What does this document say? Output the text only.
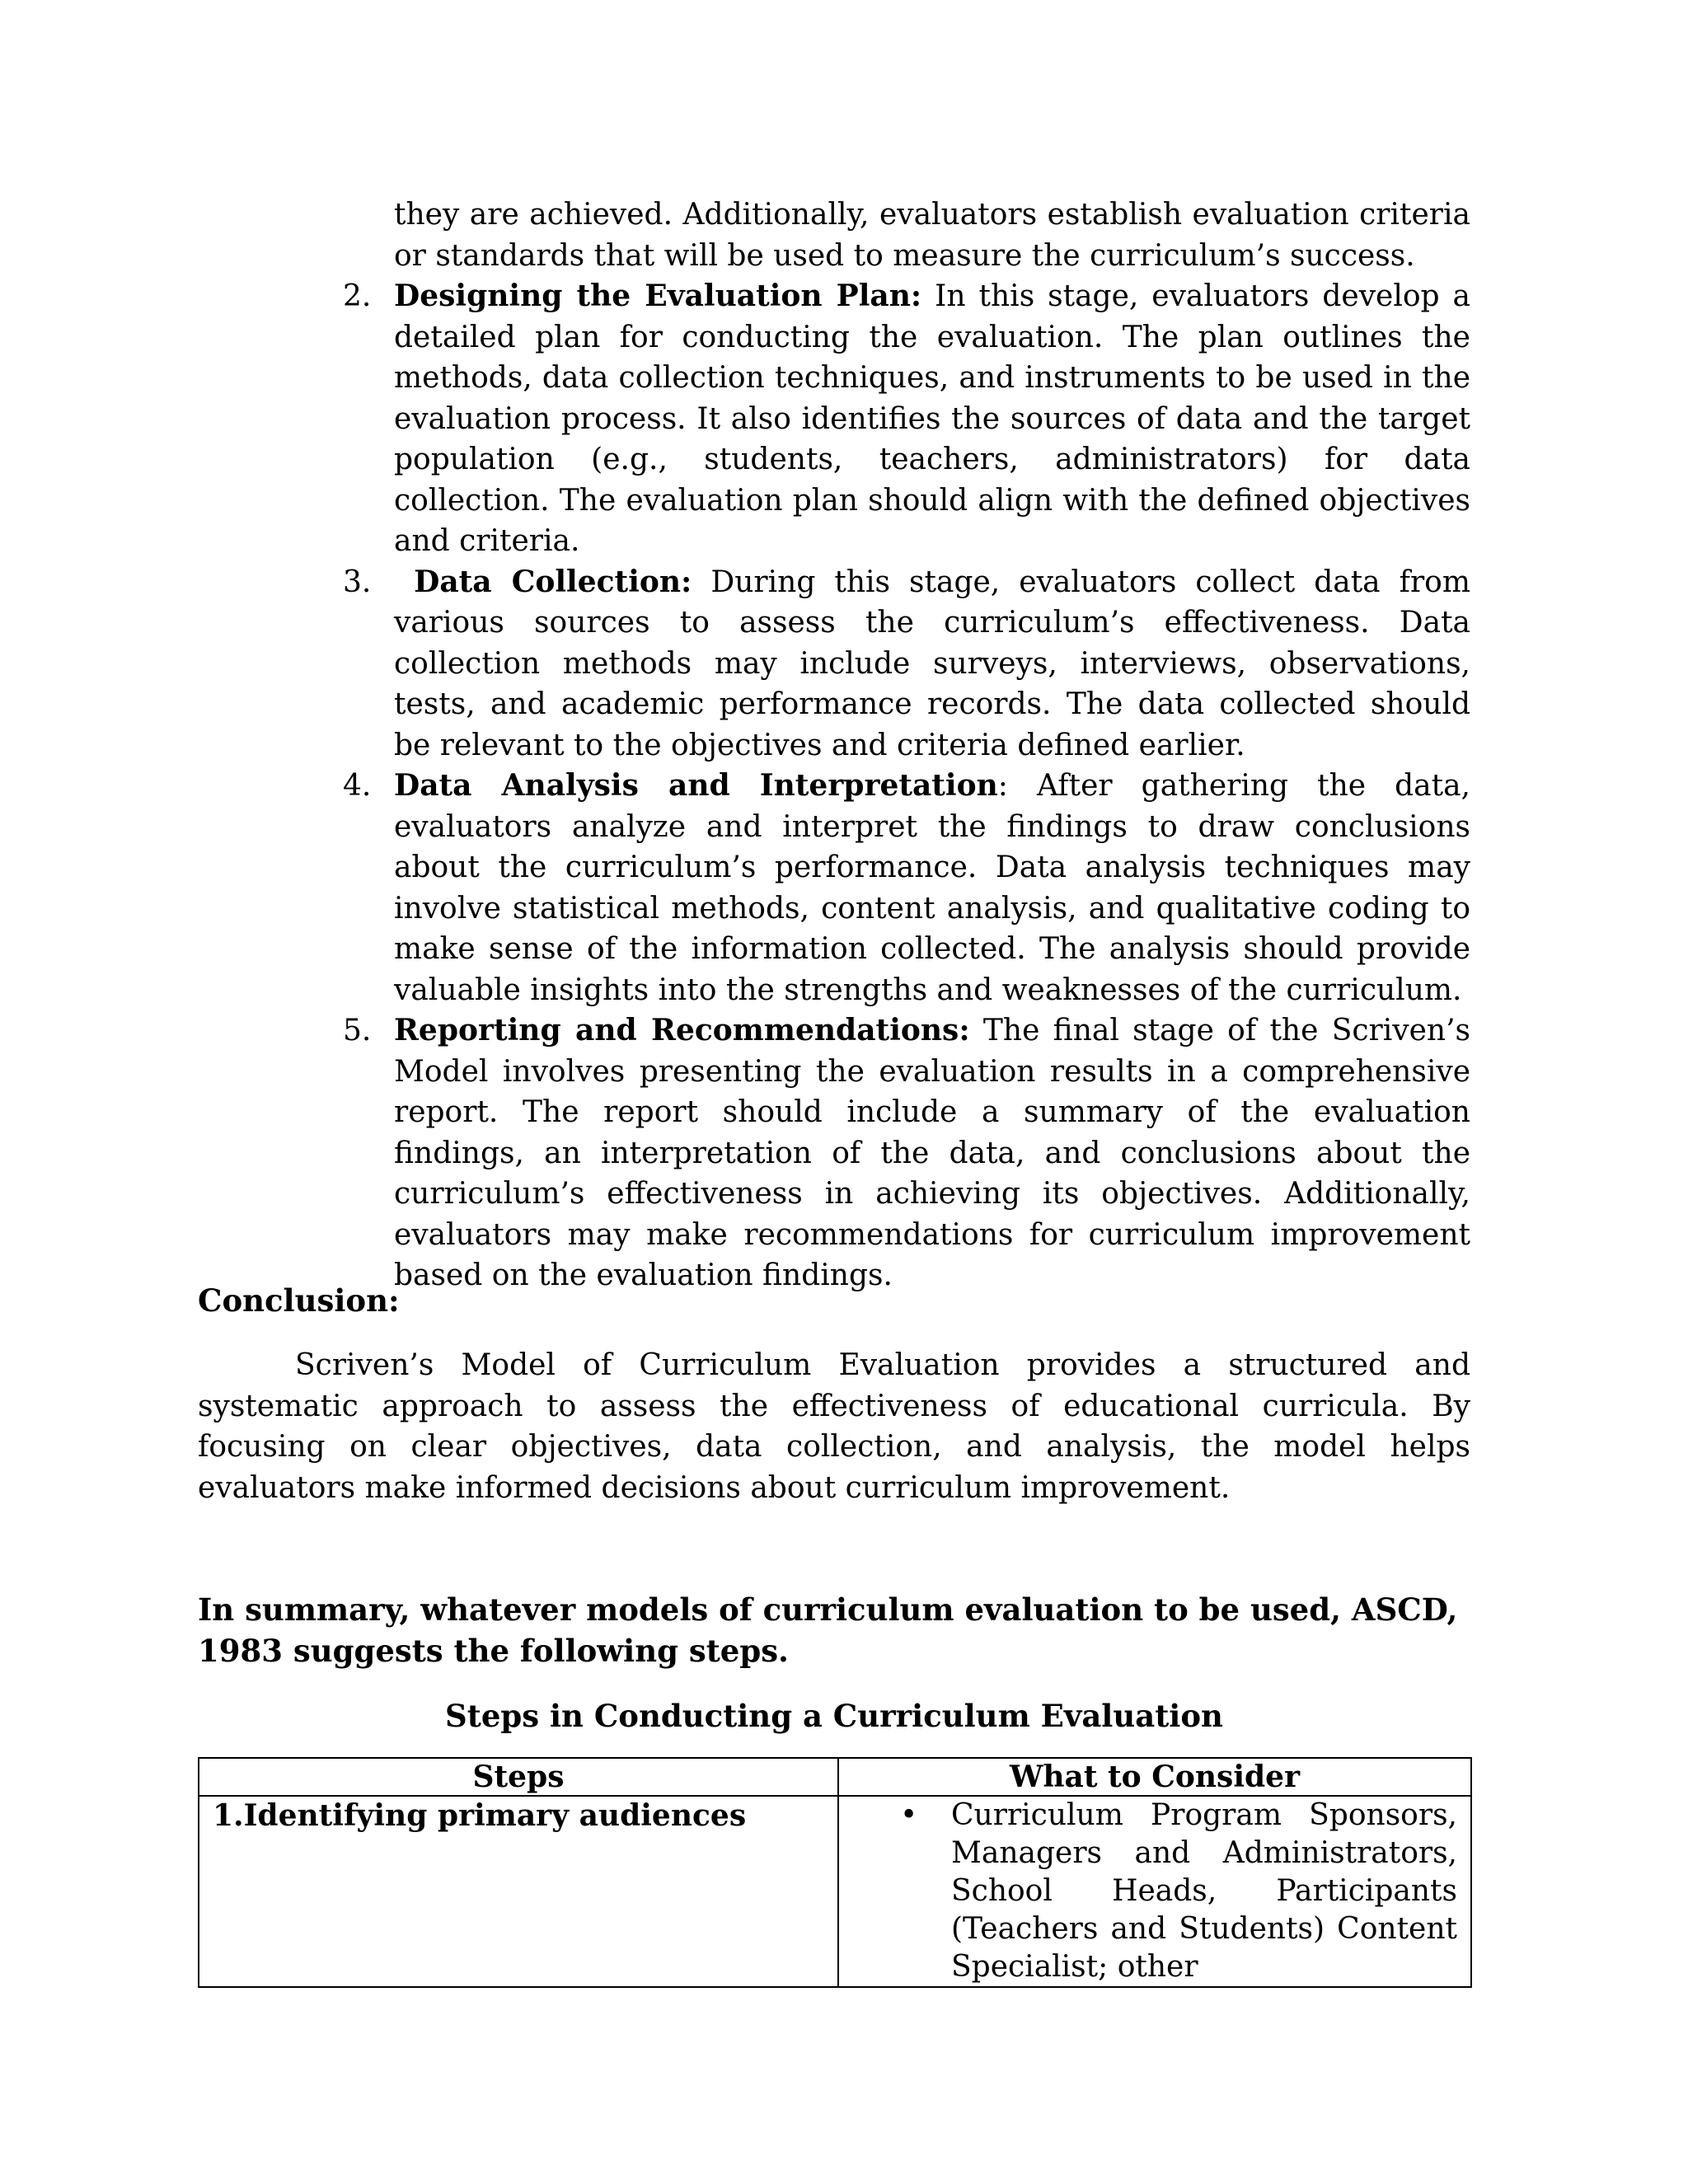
they are achieved. Additionally, evaluators establish evaluation criteria or standards that will be used to measure the curriculum’s success.

2. Designing the Evaluation Plan: In this stage, evaluators develop a detailed plan for conducting the evaluation. The plan outlines the methods, data collection techniques, and instruments to be used in the evaluation process. It also identifies the sources of data and the target population (e.g., students, teachers, administrators) for data collection. The evaluation plan should align with the defined objectives and criteria.
3. Data Collection: During this stage, evaluators collect data from various sources to assess the curriculum’s effectiveness. Data collection methods may include surveys, interviews, observations, tests, and academic performance records. The data collected should be relevant to the objectives and criteria defined earlier.
4. Data Analysis and Interpretation: After gathering the data, evaluators analyze and interpret the findings to draw conclusions about the curriculum’s performance. Data analysis techniques may involve statistical methods, content analysis, and qualitative coding to make sense of the information collected. The analysis should provide valuable insights into the strengths and weaknesses of the curriculum.
5. Reporting and Recommendations: The final stage of the Scriven’s Model involves presenting the evaluation results in a comprehensive report. The report should include a summary of the evaluation findings, an interpretation of the data, and conclusions about the curriculum’s effectiveness in achieving its objectives. Additionally, evaluators may make recommendations for curriculum improvement based on the evaluation findings.
Conclusion:

Scriven’s Model of Curriculum Evaluation provides a structured and systematic approach to assess the effectiveness of educational curricula. By focusing on clear objectives, data collection, and analysis, the model helps evaluators make informed decisions about curriculum improvement.

In summary, whatever models of curriculum evaluation to be used, ASCD, 1983 suggests the following steps.
Steps in Conducting a Curriculum Evaluation
Steps	What to Consider
1.Identifying primary audiences	• Curriculum Program Sponsors, Managers and Administrators, School Heads, Participants (Teachers and Students) Content Specialist; other
